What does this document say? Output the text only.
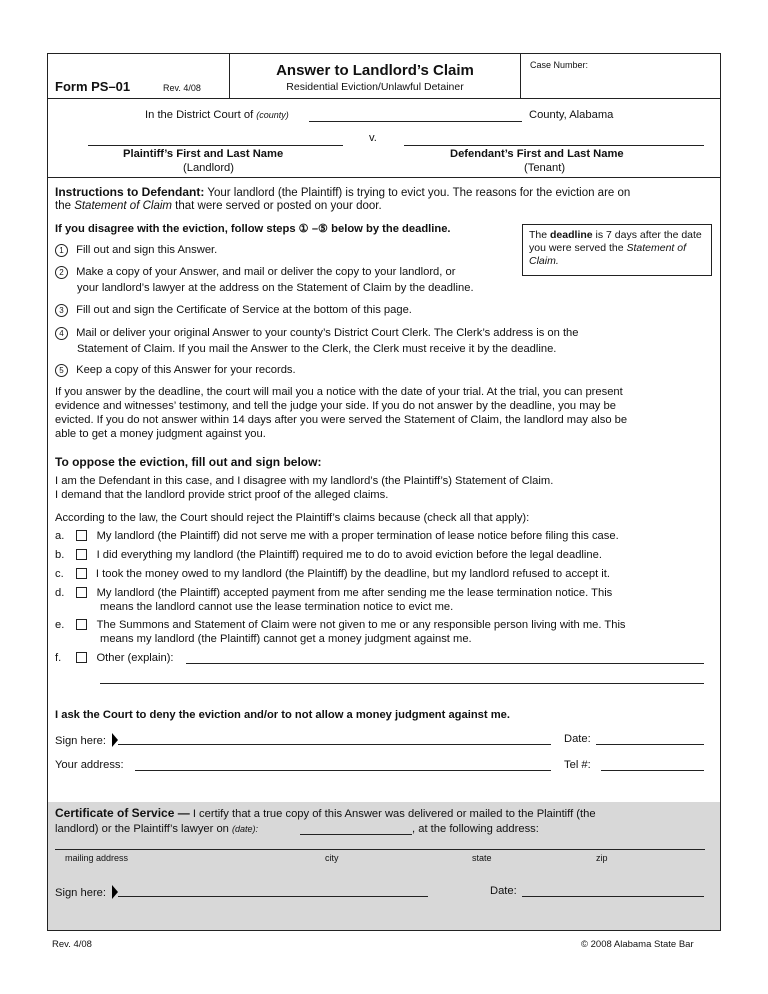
Form PS–01	Rev. 4/08
Answer to Landlord’s Claim
Residential Eviction/Unlawful Detainer
Case Number:
In the District Court of (county)	County, Alabama
v.
Plaintiff’s First and Last Name
(Landlord)
Defendant’s First and Last Name
(Tenant)
Instructions to Defendant: Your landlord (the Plaintiff) is trying to evict you. The reasons for the eviction are on
the Statement of Claim that were served or posted on your door.
If you disagree with the eviction, follow steps ① –⑤ below by the deadline.	The deadline is 7 days after the date you were served the Statement of Claim.
1 Fill out and sign this Answer.
2 Make a copy of your Answer, and mail or deliver the copy to your landlord, or
your landlord’s lawyer at the address on the Statement of Claim by the deadline.
3 Fill out and sign the Certificate of Service at the bottom of this page.
4 Mail or deliver your original Answer to your county’s District Court Clerk. The Clerk’s address is on the
Statement of Claim. If you mail the Answer to the Clerk, the Clerk must receive it by the deadline.
5 Keep a copy of this Answer for your records.
If you answer by the deadline, the court will mail you a notice with the date of your trial. At the trial, you can present
evidence and witnesses’ testimony, and tell the judge your side. If you do not answer by the deadline, you may be
evicted. If you do not answer within 14 days after you were served the Statement of Claim, the landlord may also be
able to get a money judgment against you.
To oppose the eviction, fill out and sign below:
I am the Defendant in this case, and I disagree with my landlord’s (the Plaintiff’s) Statement of Claim.
I demand that the landlord provide strict proof of the alleged claims.
According to the law, the Court should reject the Plaintiff’s claims because (check all that apply):
a.	My landlord (the Plaintiff) did not serve me with a proper termination of lease notice before filing this case.
b.	I did everything my landlord (the Plaintiff) required me to do to avoid eviction before the legal deadline.
c.	I took the money owed to my landlord (the Plaintiff) by the deadline, but my landlord refused to accept it.
d.	My landlord (the Plaintiff) accepted payment from me after sending me the lease termination notice. This
means the landlord cannot use the lease termination notice to evict me.
e.	The Summons and Statement of Claim were not given to me or any responsible person living with me. This
means my landlord (the Plaintiff) cannot get a money judgment against me.
f.	Other (explain):
I ask the Court to deny the eviction and/or to not allow a money judgment against me.
Sign here:	Date:
Your address:	Tel #:
Certificate of Service — I certify that a true copy of this Answer was delivered or mailed to the Plaintiff (the
landlord) or the Plaintiff’s lawyer on (date):	, at the following address:
mailing address	city	state	zip
Sign here:	Date:
Rev. 4/08	© 2008 Alabama State Bar
